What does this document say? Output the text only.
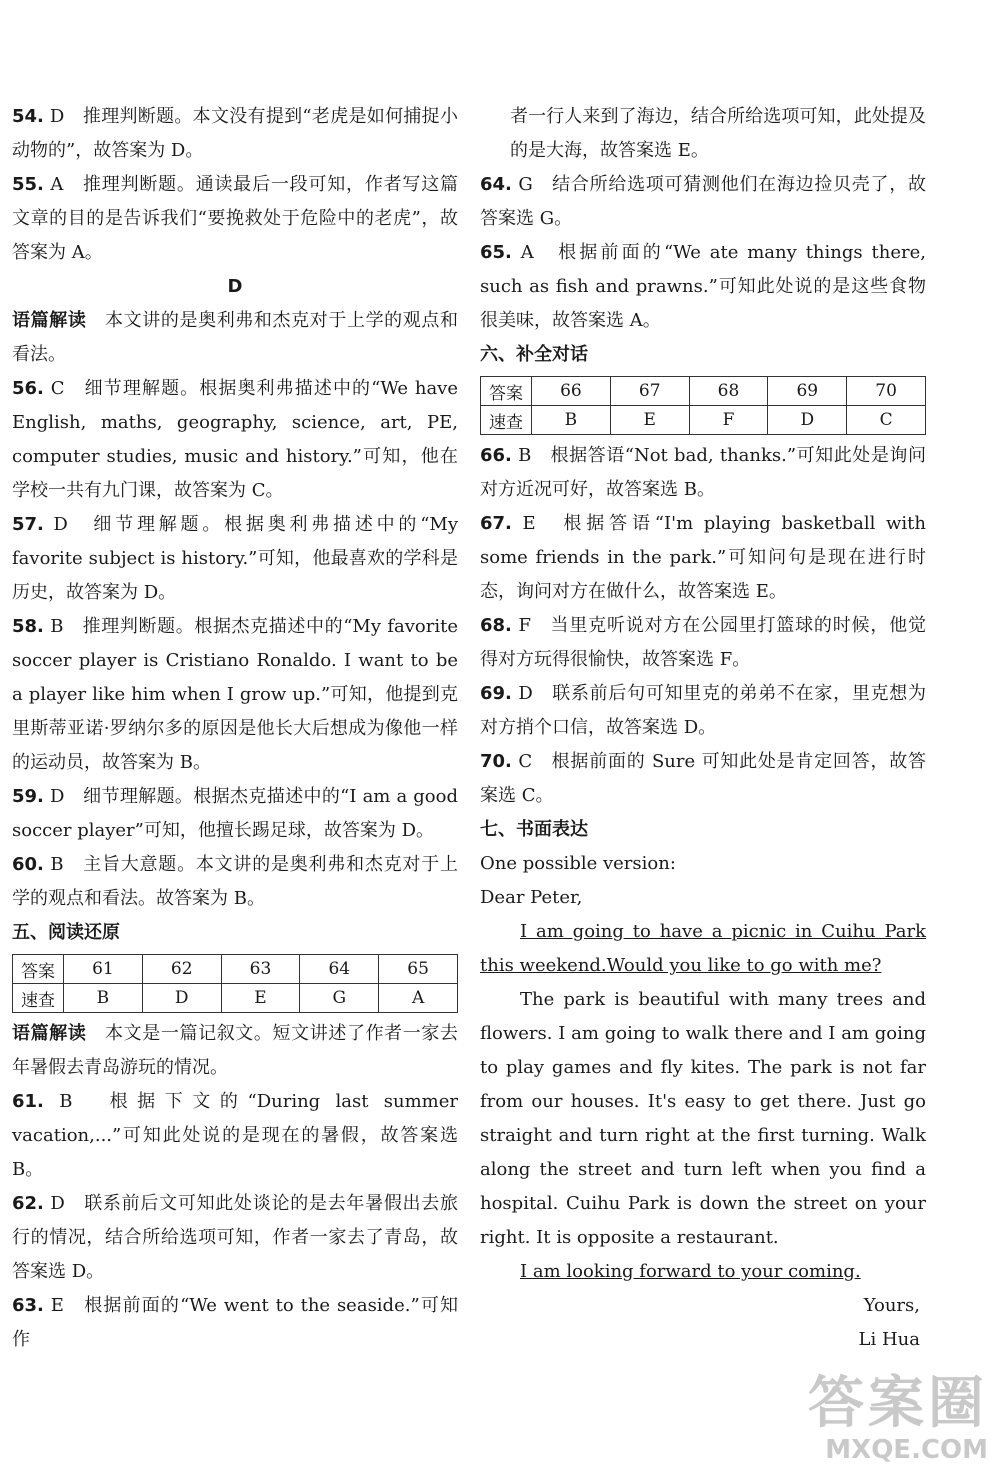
54. D　推理判断题。本文没有提到“老虎是如何捕捉小动物的”，故答案为 D。

55. A　推理判断题。通读最后一段可知，作者写这篇文章的目的是告诉我们“要挽救处于危险中的老虎”，故答案为 A。

D

语篇解读　 本文讲的是奥利弗和杰克对于上学的观点和看法。

56. C　细节理解题。根据奥利弗描述中的“We have English, maths, geography, science, art, PE, computer studies, music and history.”可知，他在学校一共有九门课，故答案为 C。

57. D　细节理解题。根据奥利弗描述中的“My favorite subject is history.”可知，他最喜欢的学科是历史，故答案为 D。

58. B　推理判断题。根据杰克描述中的“My favorite soccer player is Cristiano Ronaldo. I want to be a player like him when I grow up.”可知，他提到克里斯蒂亚诺·罗纳尔多的原因是他长大后想成为像他一样的运动员，故答案为 B。

59. D　细节理解题。根据杰克描述中的“I am a good soccer player”可知，他擅长踢足球，故答案为 D。

60. B　主旨大意题。本文讲的是奥利弗和杰克对于上学的观点和看法。故答案为 B。

五、阅读还原

答案	61	62	63	64	65
速查	B	D	E	G	A

语篇解读　 本文是一篇记叙文。短文讲述了作者一家去年暑假去青岛游玩的情况。

61. B　根据下文的“During last summer vacation,...”可知此处说的是现在的暑假，故答案选 B。

62. D　联系前后文可知此处谈论的是去年暑假出去旅行的情况，结合所给选项可知，作者一家去了青岛，故答案选 D。

63. E　根据前面的“We went to the seaside.”可知作

者一行人来到了海边，结合所给选项可知，此处提及的是大海，故答案选 E。

64. G　结合所给选项可猜测他们在海边捡贝壳了，故答案选 G。

65. A　根据前面的“We ate many things there, such as fish and prawns.”可知此处说的是这些食物很美味，故答案选 A。

六、补全对话

答案	66	67	68	69	70
速查	B	E	F	D	C

66. B　根据答语“Not bad, thanks.”可知此处是询问对方近况可好，故答案选 B。

67. E　根据答语“I'm playing basketball with some friends in the park.”可知问句是现在进行时态，询问对方在做什么，故答案选 E。

68. F　当里克听说对方在公园里打篮球的时候，他觉得对方玩得很愉快，故答案选 F。

69. D　联系前后句可知里克的弟弟不在家，里克想为对方捎个口信，故答案选 D。

70. C　根据前面的 Sure 可知此处是肯定回答，故答案选 C。

七、书面表达

One possible version:

Dear Peter,

I am going to have a picnic in Cuihu Park this weekend.Would you like to go with me?

The park is beautiful with many trees and flowers. I am going to walk there and I am going to play games and fly kites. The park is not far from our houses. It's easy to get there. Just go straight and turn right at the first turning. Walk along the street and turn left when you find a hospital. Cuihu Park is down the street on your right. It is opposite a restaurant.

I am looking forward to your coming.

Yours,

Li Hua

答案圈
MXQE.COM
